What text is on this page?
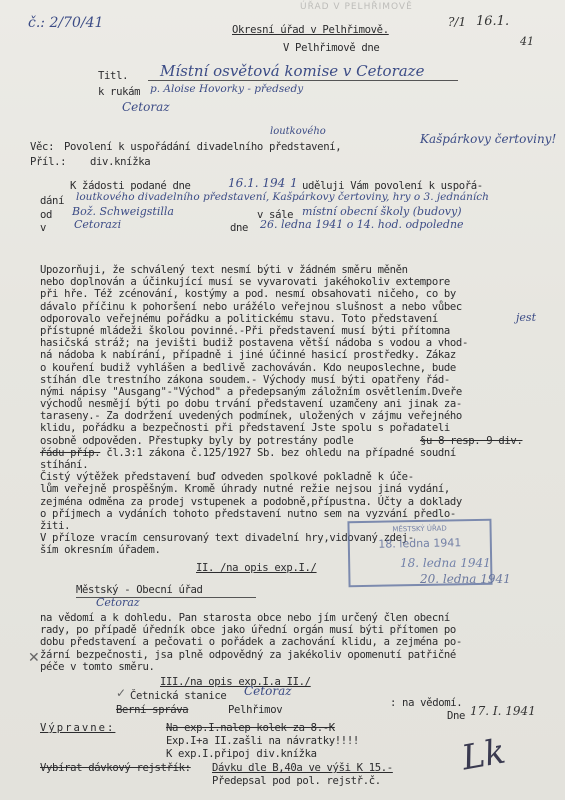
ÚŘAD V PELHŘIMOVĚ
č.: 2/70/41	?/1 16.1.
41
Okresní úřad v Pelhřimově.
V Pelhřimově dne
Titl. Místní osvětová komise v Cetoraze
k rukám p. Aloise Hovorky - předsedy
Cetoraz
Věc: Povolení k uspořádání divadelního představení,
loutkového
Kašpárkovy čertoviny!
Příl.: div.knížka
K žádosti podané dne	16.1. 194 1 uděluji Vám povolení k uspořá-
dání loutkového divadelního představení, Kašpárkovy čertoviny, hry o 3. jednáních
od Bož. Schweigstilla	v sále místní obecní školy (budovy)
v	Cetorazi	dne 26. ledna 1941 o 14. hod. odpoledne
Upozorňuji, že schválený text nesmí býti v žádném směru měněn
nebo doplnován a účinkující musí se vyvarovati jakéhokoliv extempore
při hře. Též zcénování, kostýmy a pod. nesmí obsahovati ničeho, co by
dávalo příčinu k pohoršení nebo urážélo veřejnou slušnost a nebo vůbec
odporovalo veřejnému pořádku a politickému stavu. Toto představení
přístupné mládeži školou povinné.-Při představení musí býti přítomna
hasičská stráž; na jevišti budiž postavena větší nádoba s vodou a vhod-
ná nádoba k nabírání, případně i jiné účinné hasicí prostředky. Zákaz
o kouření budiž vyhlášen a bedlivě zachováván. Kdo neuposlechne, bude
stíhán dle trestního zákona soudem.- Východy musí býti opatřeny řád-
nými nápisy "Ausgang"-"Východ" a předepsaným záložním osvětlením.Dveře
východů nesmějí býti po dobu trvání představení uzamčeny ani jinak za-
taraseny.- Za dodržení uvedených podmínek, uložených v zájmu veřejného
klidu, pořádku a bezpečnosti při představení Jste spolu s pořadateli
osobně odpověden. Přestupky byly by potrestány podle
řádu příp. čl.3:1 zákona č.125/1927 Sb. bez ohledu na případné soudní
stíhání.
Čistý výtěžek představení buď odveden spolkové pokladně k úče-
lům veřejně prospěšným. Kromě úhrady nutné režie nejsou jiná vydání,
zejména odměna za prodej vstupenek a podobně,přípustna. Účty a doklady
o příjmech a vydáních tohoto představení nutno sem na vyzvání předlo-
žiti.
V příloze vracím censurovaný text divadelní hry,vidovaný zdej-
ším okresním úřadem.
jest
§u 8 resp. 9 div.
II. /na opis exp.I./
Městský - Obecní úřad
Cetoraz
na vědomí a k dohledu. Pan starosta obce nebo jím určený člen obecní
rady, po případě úředník obce jako úřední orgán musí býti přítomen po
dobu představení a pečovati o pořádek a zachování klidu, a zejména po-
žární bezpečnosti, jsa plně odpovědný za jakékoliv opomenutí patřičné
péče v tomto směru.
MĚSTSKÝ ÚŘAD
18. ledna 1941
18. ledna 1941
20. ledna 1941
✕
III./na opis exp.I.a II./
✓ Četnická stanice Cetoraz
Berní správa	Pelhřimov
: na vědomí.
Výpravne:	Na exp.I.nalep kolek za 8.-K
Exp.I+a II.zašli na návratky!!!!
K exp.I.připoj div.knížka
Vybírat dávkový rejstřík: Dávku dle B,40a ve výši K 15.-
Předepsal pod pol. rejstř.č.
Dne 17. I. 1941
Lk
